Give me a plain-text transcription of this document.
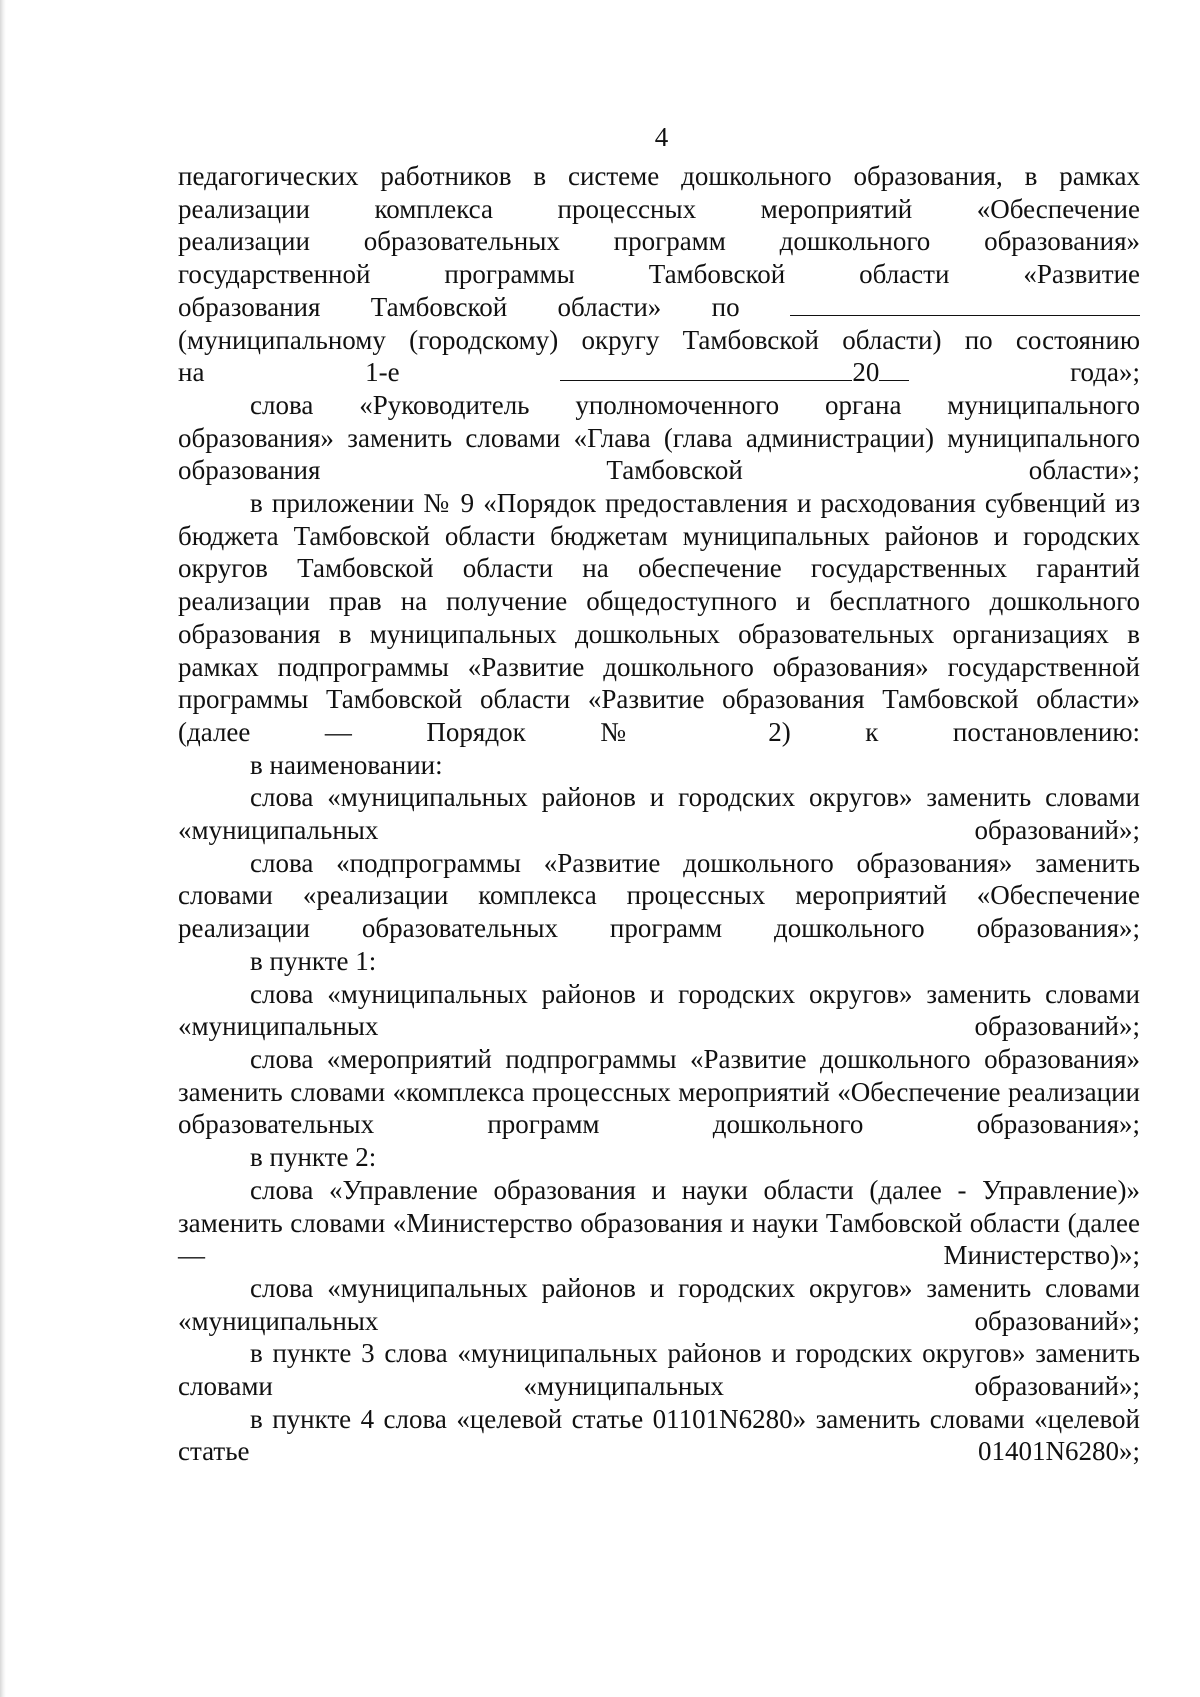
4

педагогических работников в системе дошкольного образования, в рамках
реализации комплекса процессных мероприятий «Обеспечение
реализации образовательных программ дошкольного образования»
государственной программы Тамбовской области «Развитие
образования Тамбовской области» по
(муниципальному (городскому) округу Тамбовской области) по состоянию
на 1-е	20	года»;

слова «Руководитель уполномоченного органа муниципального образования» заменить словами «Глава (глава администрации) муниципального образования Тамбовской области»;

в приложении № 9 «Порядок предоставления и расходования субвенций из бюджета Тамбовской области бюджетам муниципальных районов и городских округов Тамбовской области на обеспечение государственных гарантий реализации прав на получение общедоступного и бесплатного дошкольного образования в муниципальных дошкольных образовательных организациях в рамках подпрограммы «Развитие дошкольного образования» государственной программы Тамбовской области «Развитие образования Тамбовской области» (далее — Порядок № 2) к постановлению:

в наименовании:

слова «муниципальных районов и городских округов» заменить словами «муниципальных образований»;

слова «подпрограммы «Развитие дошкольного образования» заменить словами «реализации комплекса процессных мероприятий «Обеспечение реализации образовательных программ дошкольного образования»;

в пункте 1:

слова «муниципальных районов и городских округов» заменить словами «муниципальных образований»;

слова «мероприятий подпрограммы «Развитие дошкольного образования» заменить словами «комплекса процессных мероприятий «Обеспечение реализации образовательных программ дошкольного образования»;

в пункте 2:

слова «Управление образования и науки области (далее - Управление)» заменить словами «Министерство образования и науки Тамбовской области (далее — Министерство)»;

слова «муниципальных районов и городских округов» заменить словами «муниципальных образований»;

в пункте 3 слова «муниципальных районов и городских округов» заменить словами «муниципальных образований»;

в пункте 4 слова «целевой статье 01101N6280» заменить словами «целевой статье 01401N6280»;
